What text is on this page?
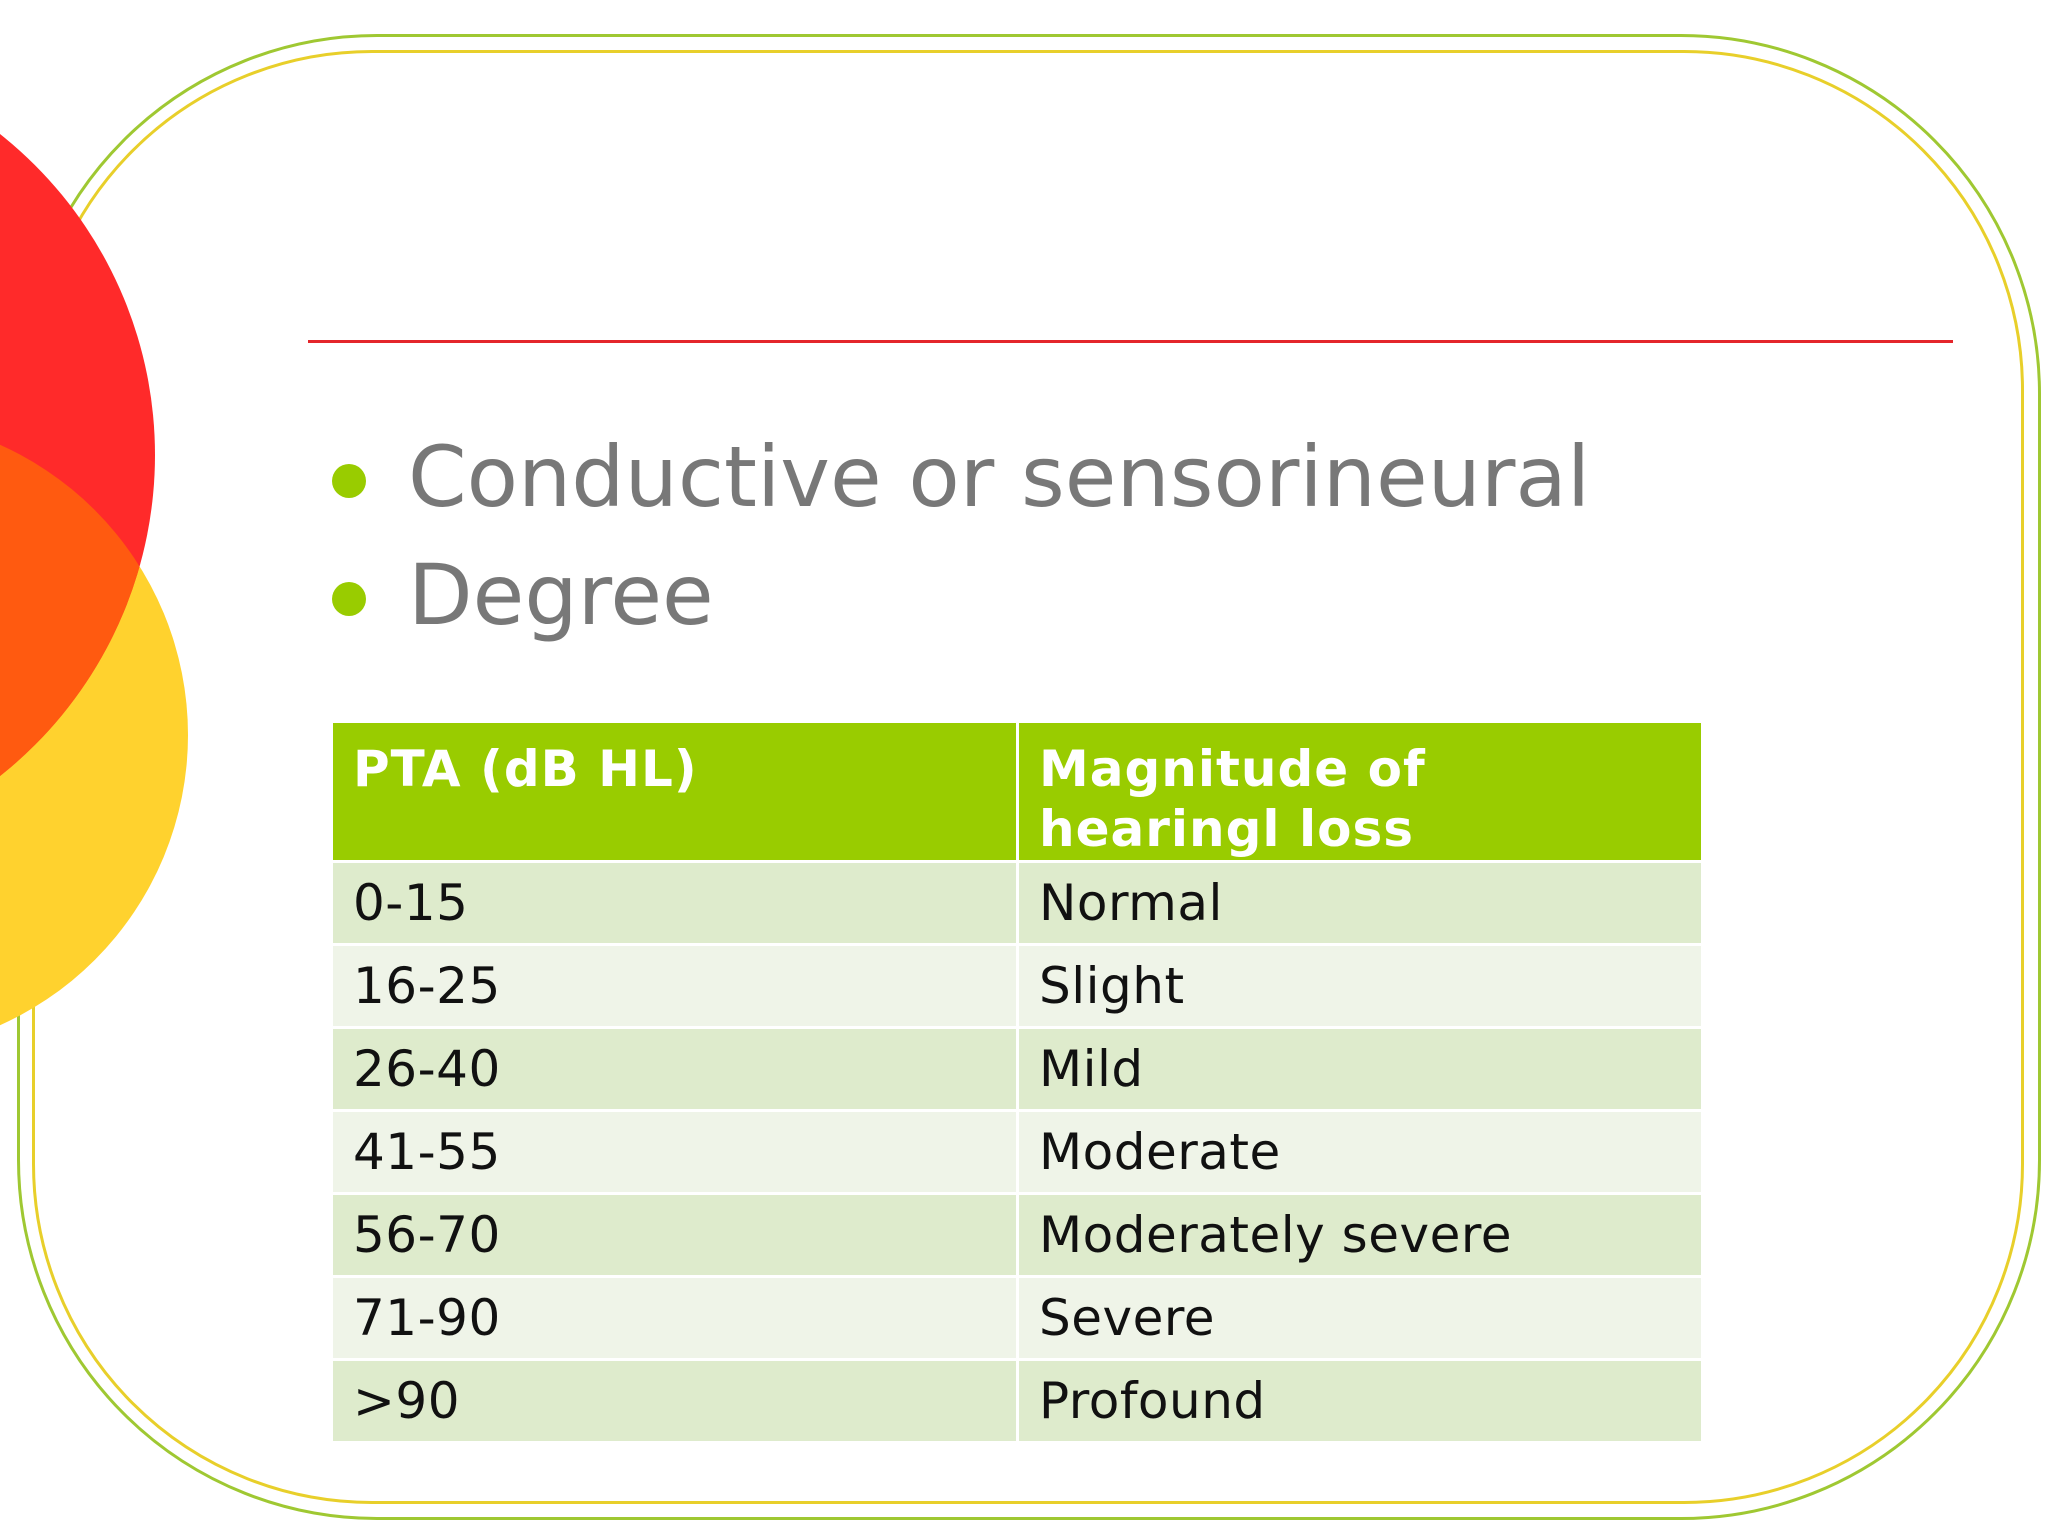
Conductive or sensorineural
Degree
PTA (dB HL)	Magnitude of hearingl loss
0-15	Normal
16-25	Slight
26-40	Mild
41-55	Moderate
56-70	Moderately severe
71-90	Severe
>90	Profound
